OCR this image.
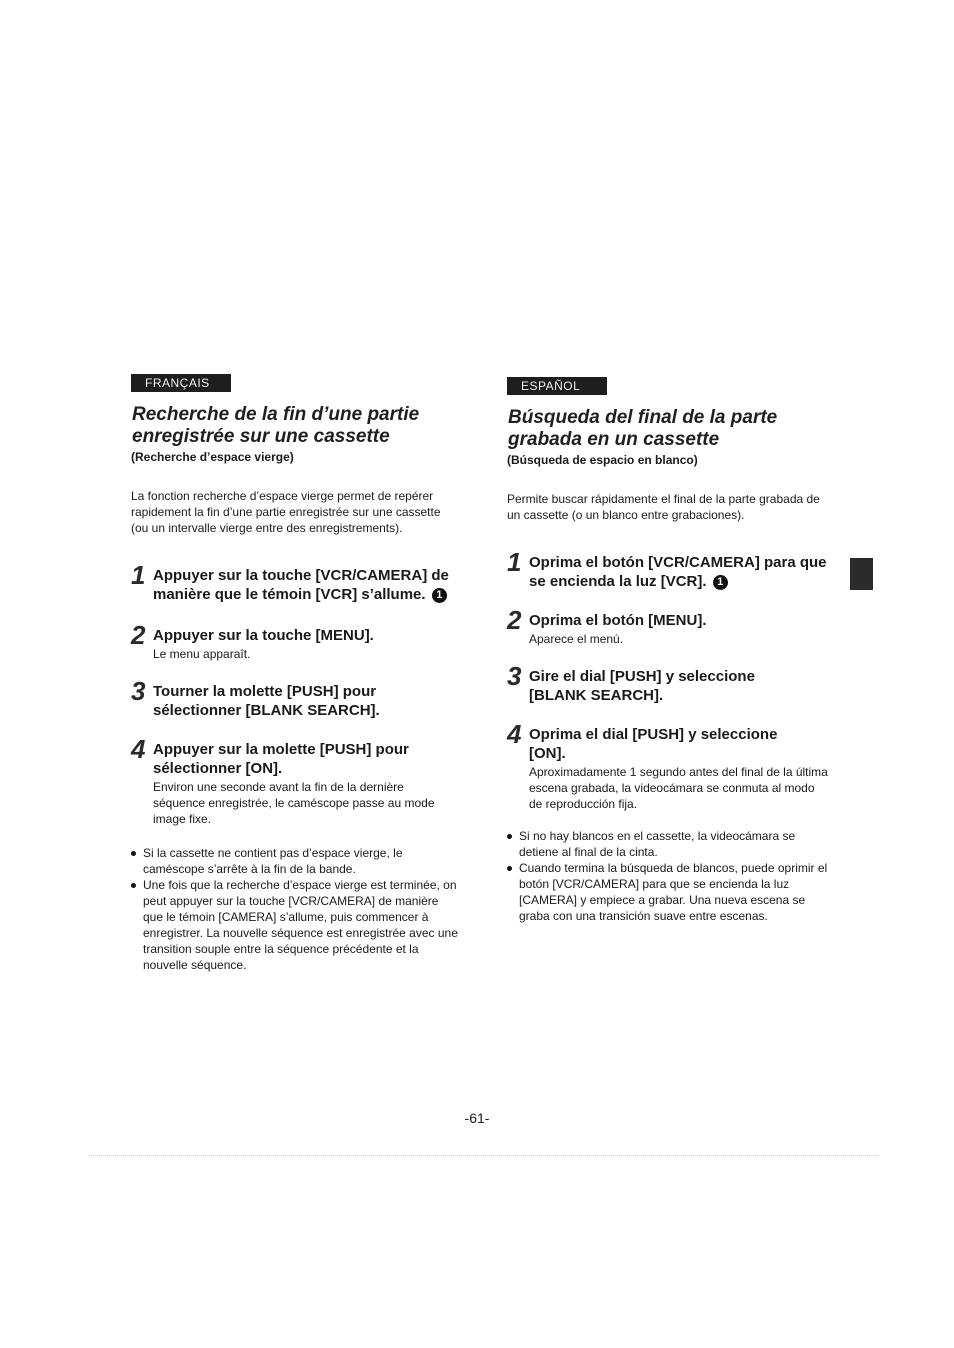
FRANÇAIS
Recherche de la fin d’une partie
enregistrée sur une cassette
(Recherche d’espace vierge)
La fonction recherche d’espace vierge permet de repérer rapidement la fin d’une partie enregistrée sur une cassette (ou un intervalle vierge entre des enregistrements).
1 Appuyer sur la touche [VCR/CAMERA] de manière que le témoin [VCR] s’allume. 1
2 Appuyer sur la touche [MENU].
Le menu apparaît.
3 Tourner la molette [PUSH] pour sélectionner [BLANK SEARCH].
4 Appuyer sur la molette [PUSH] pour sélectionner [ON].
Environ une seconde avant la fin de la dernière séquence enregistrée, le caméscope passe au mode image fixe.
Si la cassette ne contient pas d’espace vierge, le caméscope s’arrête à la fin de la bande.
Une fois que la recherche d’espace vierge est terminée, on peut appuyer sur la touche [VCR/CAMERA] de manière que le témoin [CAMERA] s’allume, puis commencer à enregistrer. La nouvelle séquence est enregistrée avec une transition souple entre la séquence précédente et la nouvelle séquence.
ESPAÑOL
Búsqueda del final de la parte
grabada en un cassette
(Búsqueda de espacio en blanco)
Permite buscar rápidamente el final de la parte grabada de un cassette (o un blanco entre grabaciones).
1 Oprima el botón [VCR/CAMERA] para que se encienda la luz [VCR]. 1
2 Oprima el botón [MENU].
Aparece el menú.
3 Gire el dial [PUSH] y seleccione [BLANK SEARCH].
4 Oprima el dial [PUSH] y seleccione [ON].
Aproximadamente 1 segundo antes del final de la última escena grabada, la videocámara se conmuta al modo de reproducción fija.
Si no hay blancos en el cassette, la videocámara se detiene al final de la cinta.
Cuando termina la búsqueda de blancos, puede oprimir el botón [VCR/CAMERA] para que se encienda la luz [CAMERA] y empiece a grabar. Una nueva escena se graba con una transición suave entre escenas.
-61-
